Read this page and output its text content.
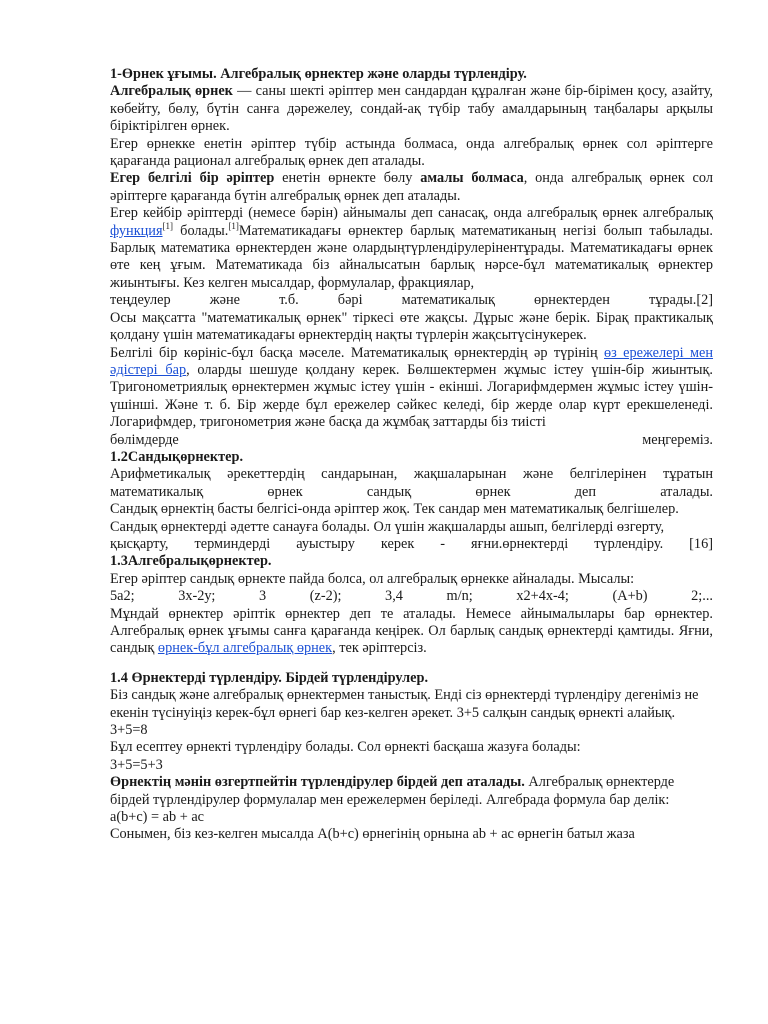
1-Өрнек ұғымы. Алгебралық өрнектер және оларды түрлендіру.

Алгебралық өрнек — саны шекті әріптер мен сандардан құралған және бір-бірімен қосу, азайту, көбейту, бөлу, бүтін санға дәрежелеу, сондай-ақ түбір табу амалдарының таңбалары арқылы біріктірілген өрнек.

Егер өрнекке енетін әріптер түбір астында болмаса, онда алгебралық өрнек сол әріптерге қарағанда рационал алгебралық өрнек деп аталады.

Егер белгілі бір әріптер енетін өрнекте бөлу амалы болмаса, онда алгебралық өрнек сол әріптерге қарағанда бүтін алгебралық өрнек деп аталады.

Егер кейбір әріптерді (немесе бәрін) айнымалы деп санасақ, онда алгебралық өрнек алгебралық функция[1] болады.[1]Математикадағы өрнектер барлық математиканың негізі болып табылады. Барлық математика өрнектерден және олардыңтүрлендірулерінентұрады. Математикадағы өрнек өте кең ұғым. Математикада біз айналысатын барлық нәрсе-бұл математикалық өрнектер жиынтығы. Кез келген мысалдар, формулалар, фракциялар,

теңдеулер және т.б. бәрі математикалық өрнектерден тұрады.[2]

Осы мақсатта "математикалық өрнек" тіркесі өте жақсы. Дұрыс және берік. Бірақ практикалық қолдану үшін математикадағы өрнектердің нақты түрлерін жақсытүсінукерек.

Белгілі бір көрініс-бұл басқа мәселе. Математикалық өрнектердің әр түрінің өз ережелері мен әдістері бар, оларды шешуде қолдану керек. Бөлшектермен жұмыс істеу үшін-бір жиынтық. Тригонометриялық өрнектермен жұмыс істеу үшін - екінші. Логарифмдермен жұмыс істеу үшін-үшінші. Және т. б. Бір жерде бұл ережелер сәйкес келеді, бір жерде олар күрт ерекшеленеді. Логарифмдер, тригонометрия және басқа да жұмбақ заттарды біз тиісті

бөлімдерде меңгереміз.

1.2Сандықөрнектер.

Арифметикалық әрекеттердің сандарынан, жақшаларынан және белгілерінен тұратын

математикалық өрнек сандық өрнек деп аталады.

Сандық өрнектің басты белгісі-онда әріптер жоқ. Тек сандар мен математикалық белгішелер.

Сандық өрнектерді әдетте санауға болады. Ол үшін жақшаларды ашып, белгілерді өзгерту,

қысқарту, терминдерді ауыстыру керек - яғни.өрнектерді түрлендіру. [16]

1.3Алгебралықөрнектер.

Егер әріптер сандық өрнекте пайда болса, ол алгебралық өрнекке айналады. Мысалы:

5а2; 3х-2у; 3 (z-2); 3,4 m/n; x2+4x-4; (А+b) 2;...

Мұндай өрнектер әріптік өрнектер деп те аталады. Немесе айнымалылары бар өрнектер. Алгебралық өрнек ұғымы санға қарағанда кеңірек. Ол барлық сандық өрнектерді қамтиды. Яғни, сандық өрнек-бұл алгебралық өрнек, тек әріптерсіз.

1.4 Өрнектерді түрлендіру. Бірдей түрлендірулер.

Біз сандық және алгебралық өрнектермен таныстық. Енді сіз өрнектерді түрлендіру дегеніміз не екенін түсінуіңіз керек-бұл өрнегі бар кез-келген әрекет. 3+5 салқын сандық өрнекті алайық.

3+5=8

Бұл есептеу өрнекті түрлендіру болады. Сол өрнекті басқаша жазуға болады:

3+5=5+3

Өрнектің мәнін өзгертпейтін түрлендірулер бірдей деп аталады. Алгебралық өрнектерде бірдей түрлендірулер формулалар мен ережелермен беріледі. Алгебрада формула бар делік:

a(b+c) = ab + ac

Сонымен, біз кез-келген мысалда А(b+c) өрнегінің орнына ab + ac өрнегін батыл жаза
